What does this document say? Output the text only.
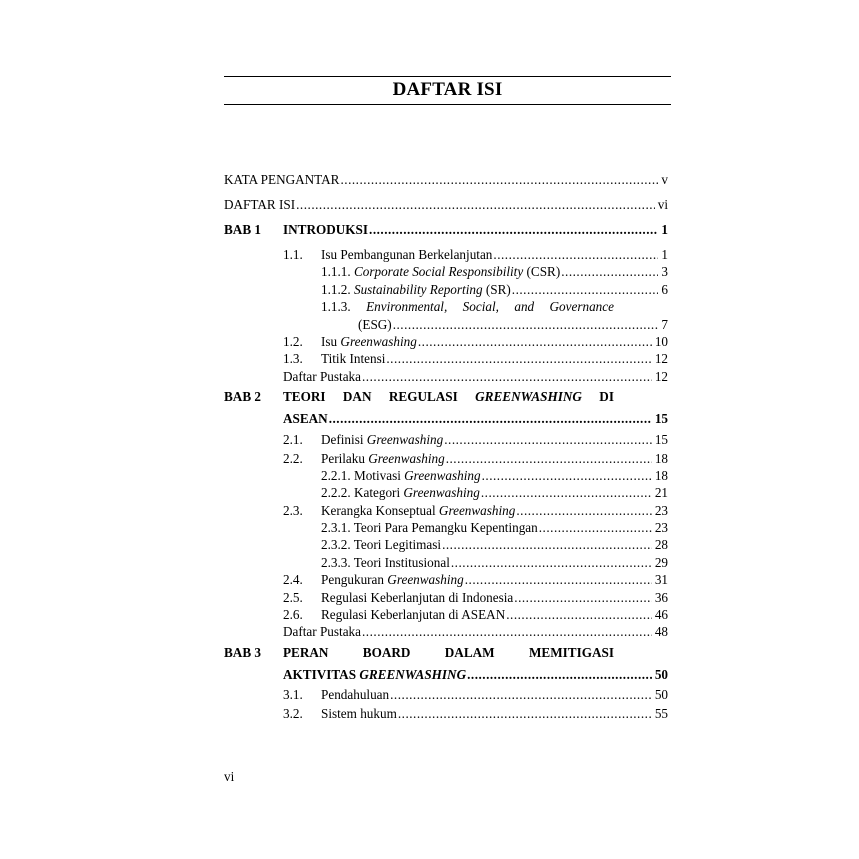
DAFTAR ISI
KATA PENGANTAR .....	v
DAFTAR ISI .....	vi
BAB 1 INTRODUKSI .....	1
1.1. Isu Pembangunan Berkelanjutan .....	1
1.1.1. Corporate Social Responsibility (CSR) .....	3
1.1.2. Sustainability Reporting (SR) .....	6
1.1.3. Environmental, Social, and Governance
(ESG) .....	7
1.2. Isu Greenwashing .....	10
1.3. Titik Intensi .....	12
Daftar Pustaka .....	12
BAB 2 TEORI DAN REGULASI GREENWASHING DI
ASEAN .....	15
2.1. Definisi Greenwashing .....	15
2.2. Perilaku Greenwashing .....	18
2.2.1. Motivasi Greenwashing .....	18
2.2.2. Kategori Greenwashing .....	21
2.3. Kerangka Konseptual Greenwashing .....	23
2.3.1. Teori Para Pemangku Kepentingan .....	23
2.3.2. Teori Legitimasi .....	28
2.3.3. Teori Institusional .....	29
2.4. Pengukuran Greenwashing .....	31
2.5. Regulasi Keberlanjutan di Indonesia .....	36
2.6. Regulasi Keberlanjutan di ASEAN .....	46
Daftar Pustaka .....	48
BAB 3 PERAN	BOARD	DALAM	MEMITIGASI
AKTIVITAS GREENWASHING .....	50
3.1. Pendahuluan .....	50
3.2. Sistem hukum .....	55
vi
